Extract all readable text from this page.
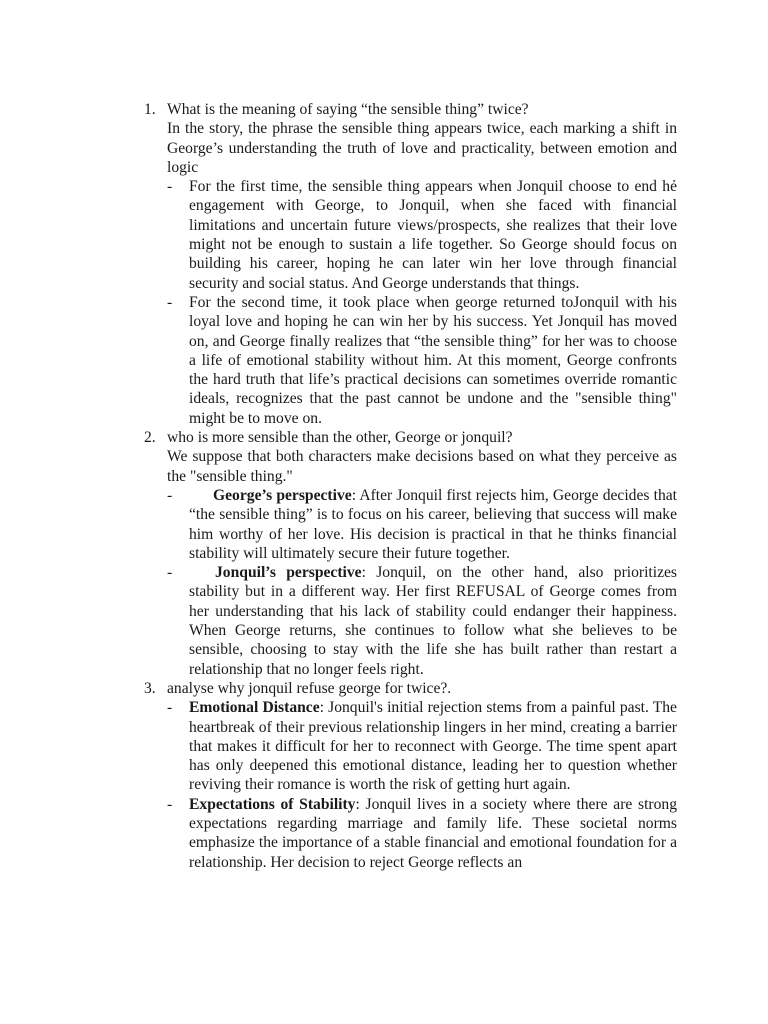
1. What is the meaning of saying “the sensible thing” twice?

In the story, the phrase the sensible thing appears twice, each marking a shift in George’s understanding the truth of love and practicality, between emotion and logic

- For the first time, the sensible thing appears when Jonquil choose to end hẻ engagement with George, to Jonquil, when she faced with financial limitations and uncertain future views/prospects, she realizes that their love might not be enough to sustain a life together. So George should focus on building his career, hoping he can later win her love through financial security and social status. And George understands that things.
- For the second time, it took place when george returned toJonquil with his loyal love and hoping he can win her by his success. Yet Jonquil has moved on, and George finally realizes that “the sensible thing” for her was to choose a life of emotional stability without him. At this moment, George confronts the hard truth that life’s practical decisions can sometimes override romantic ideals, recognizes that the past cannot be undone and the "sensible thing" might be to move on.
2. who is more sensible than the other, George or jonquil?

We suppose that both characters make decisions based on what they perceive as the "sensible thing."

-	George’s perspective: After Jonquil first rejects him, George decides that “the sensible thing” is to focus on his career, believing that success will make him worthy of her love. His decision is practical in that he thinks financial stability will ultimately secure their future together.
-	Jonquil’s perspective: Jonquil, on the other hand, also prioritizes stability but in a different way. Her first REFUSAL of George comes from her understanding that his lack of stability could endanger their happiness. When George returns, she continues to follow what she believes to be sensible, choosing to stay with the life she has built rather than restart a relationship that no longer feels right.
3. analyse why jonquil refuse george for twice?.

- Emotional Distance: Jonquil's initial rejection stems from a painful past. The heartbreak of their previous relationship lingers in her mind, creating a barrier that makes it difficult for her to reconnect with George. The time spent apart has only deepened this emotional distance, leading her to question whether reviving their romance is worth the risk of getting hurt again.
- Expectations of Stability: Jonquil lives in a society where there are strong expectations regarding marriage and family life. These societal norms emphasize the importance of a stable financial and emotional foundation for a relationship. Her decision to reject George reflects an
